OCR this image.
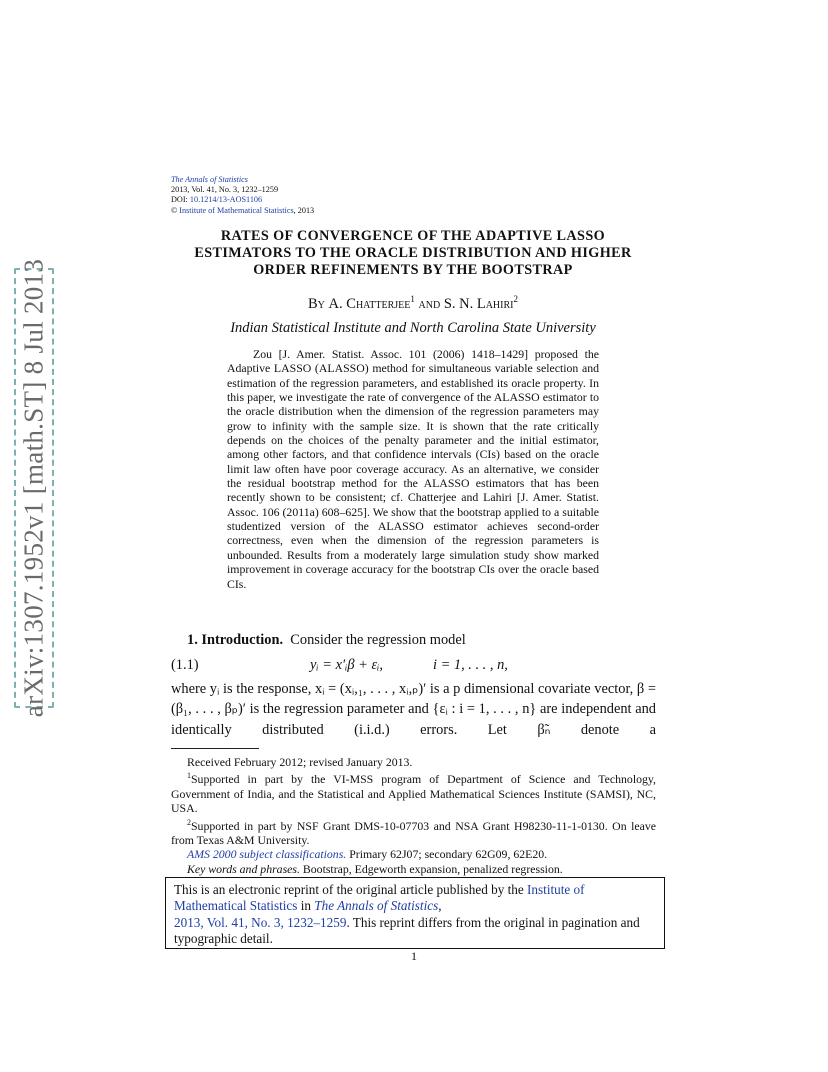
arXiv:1307.1952v1 [math.ST] 8 Jul 2013
The Annals of Statistics
2013, Vol. 41, No. 3, 1232–1259
DOI: 10.1214/13-AOS1106
© Institute of Mathematical Statistics, 2013
RATES OF CONVERGENCE OF THE ADAPTIVE LASSO
ESTIMATORS TO THE ORACLE DISTRIBUTION AND HIGHER
ORDER REFINEMENTS BY THE BOOTSTRAP
By A. Chatterjee$^1$ and S. N. Lahiri$^2$
Indian Statistical Institute and North Carolina State University
Zou [J. Amer. Statist. Assoc. 101 (2006) 1418–1429] proposed the Adaptive LASSO (ALASSO) method for simultaneous variable selection and estimation of the regression parameters, and established its oracle property. In this paper, we investigate the rate of convergence of the ALASSO estimator to the oracle distribution when the dimension of the regression parameters may grow to infinity with the sample size. It is shown that the rate critically depends on the choices of the penalty parameter and the initial estimator, among other factors, and that confidence intervals (CIs) based on the oracle limit law often have poor coverage accuracy. As an alternative, we consider the residual bootstrap method for the ALASSO estimators that has been recently shown to be consistent; cf. Chatterjee and Lahiri [J. Amer. Statist. Assoc. 106 (2011a) 608–625]. We show that the bootstrap applied to a suitable studentized version of the ALASSO estimator achieves second-order correctness, even when the dimension of the regression parameters is unbounded. Results from a moderately large simulation study show marked improvement in coverage accuracy for the bootstrap CIs over the oracle based CIs.
1. Introduction. Consider the regression model
(1.1)	yᵢ = x′ᵢβ + εᵢ,	i = 1, . . . , n,
where yᵢ is the response, xᵢ = (xᵢ,₁, . . . , xᵢ,ₚ)′ is a p dimensional covariate vector, β = (β₁, . . . , βₚ)′ is the regression parameter and {εᵢ : i = 1, . . . , n} are independent and identically distributed (i.i.d.) errors. Let β̃ₙ denote a

Received February 2012; revised January 2013.

$^1$Supported in part by the VI-MSS program of Department of Science and Technology, Government of India, and the Statistical and Applied Mathematical Sciences Institute (SAMSI), NC, USA.

$^2$Supported in part by NSF Grant DMS-10-07703 and NSA Grant H98230-11-1-0130. On leave from Texas A&M University.

AMS 2000 subject classifications. Primary 62J07; secondary 62G09, 62E20.

Key words and phrases. Bootstrap, Edgeworth expansion, penalized regression.

This is an electronic reprint of the original article published by the Institute of Mathematical Statistics in The Annals of Statistics,
2013, Vol. 41, No. 3, 1232–1259. This reprint differs from the original in pagination and typographic detail.
1
